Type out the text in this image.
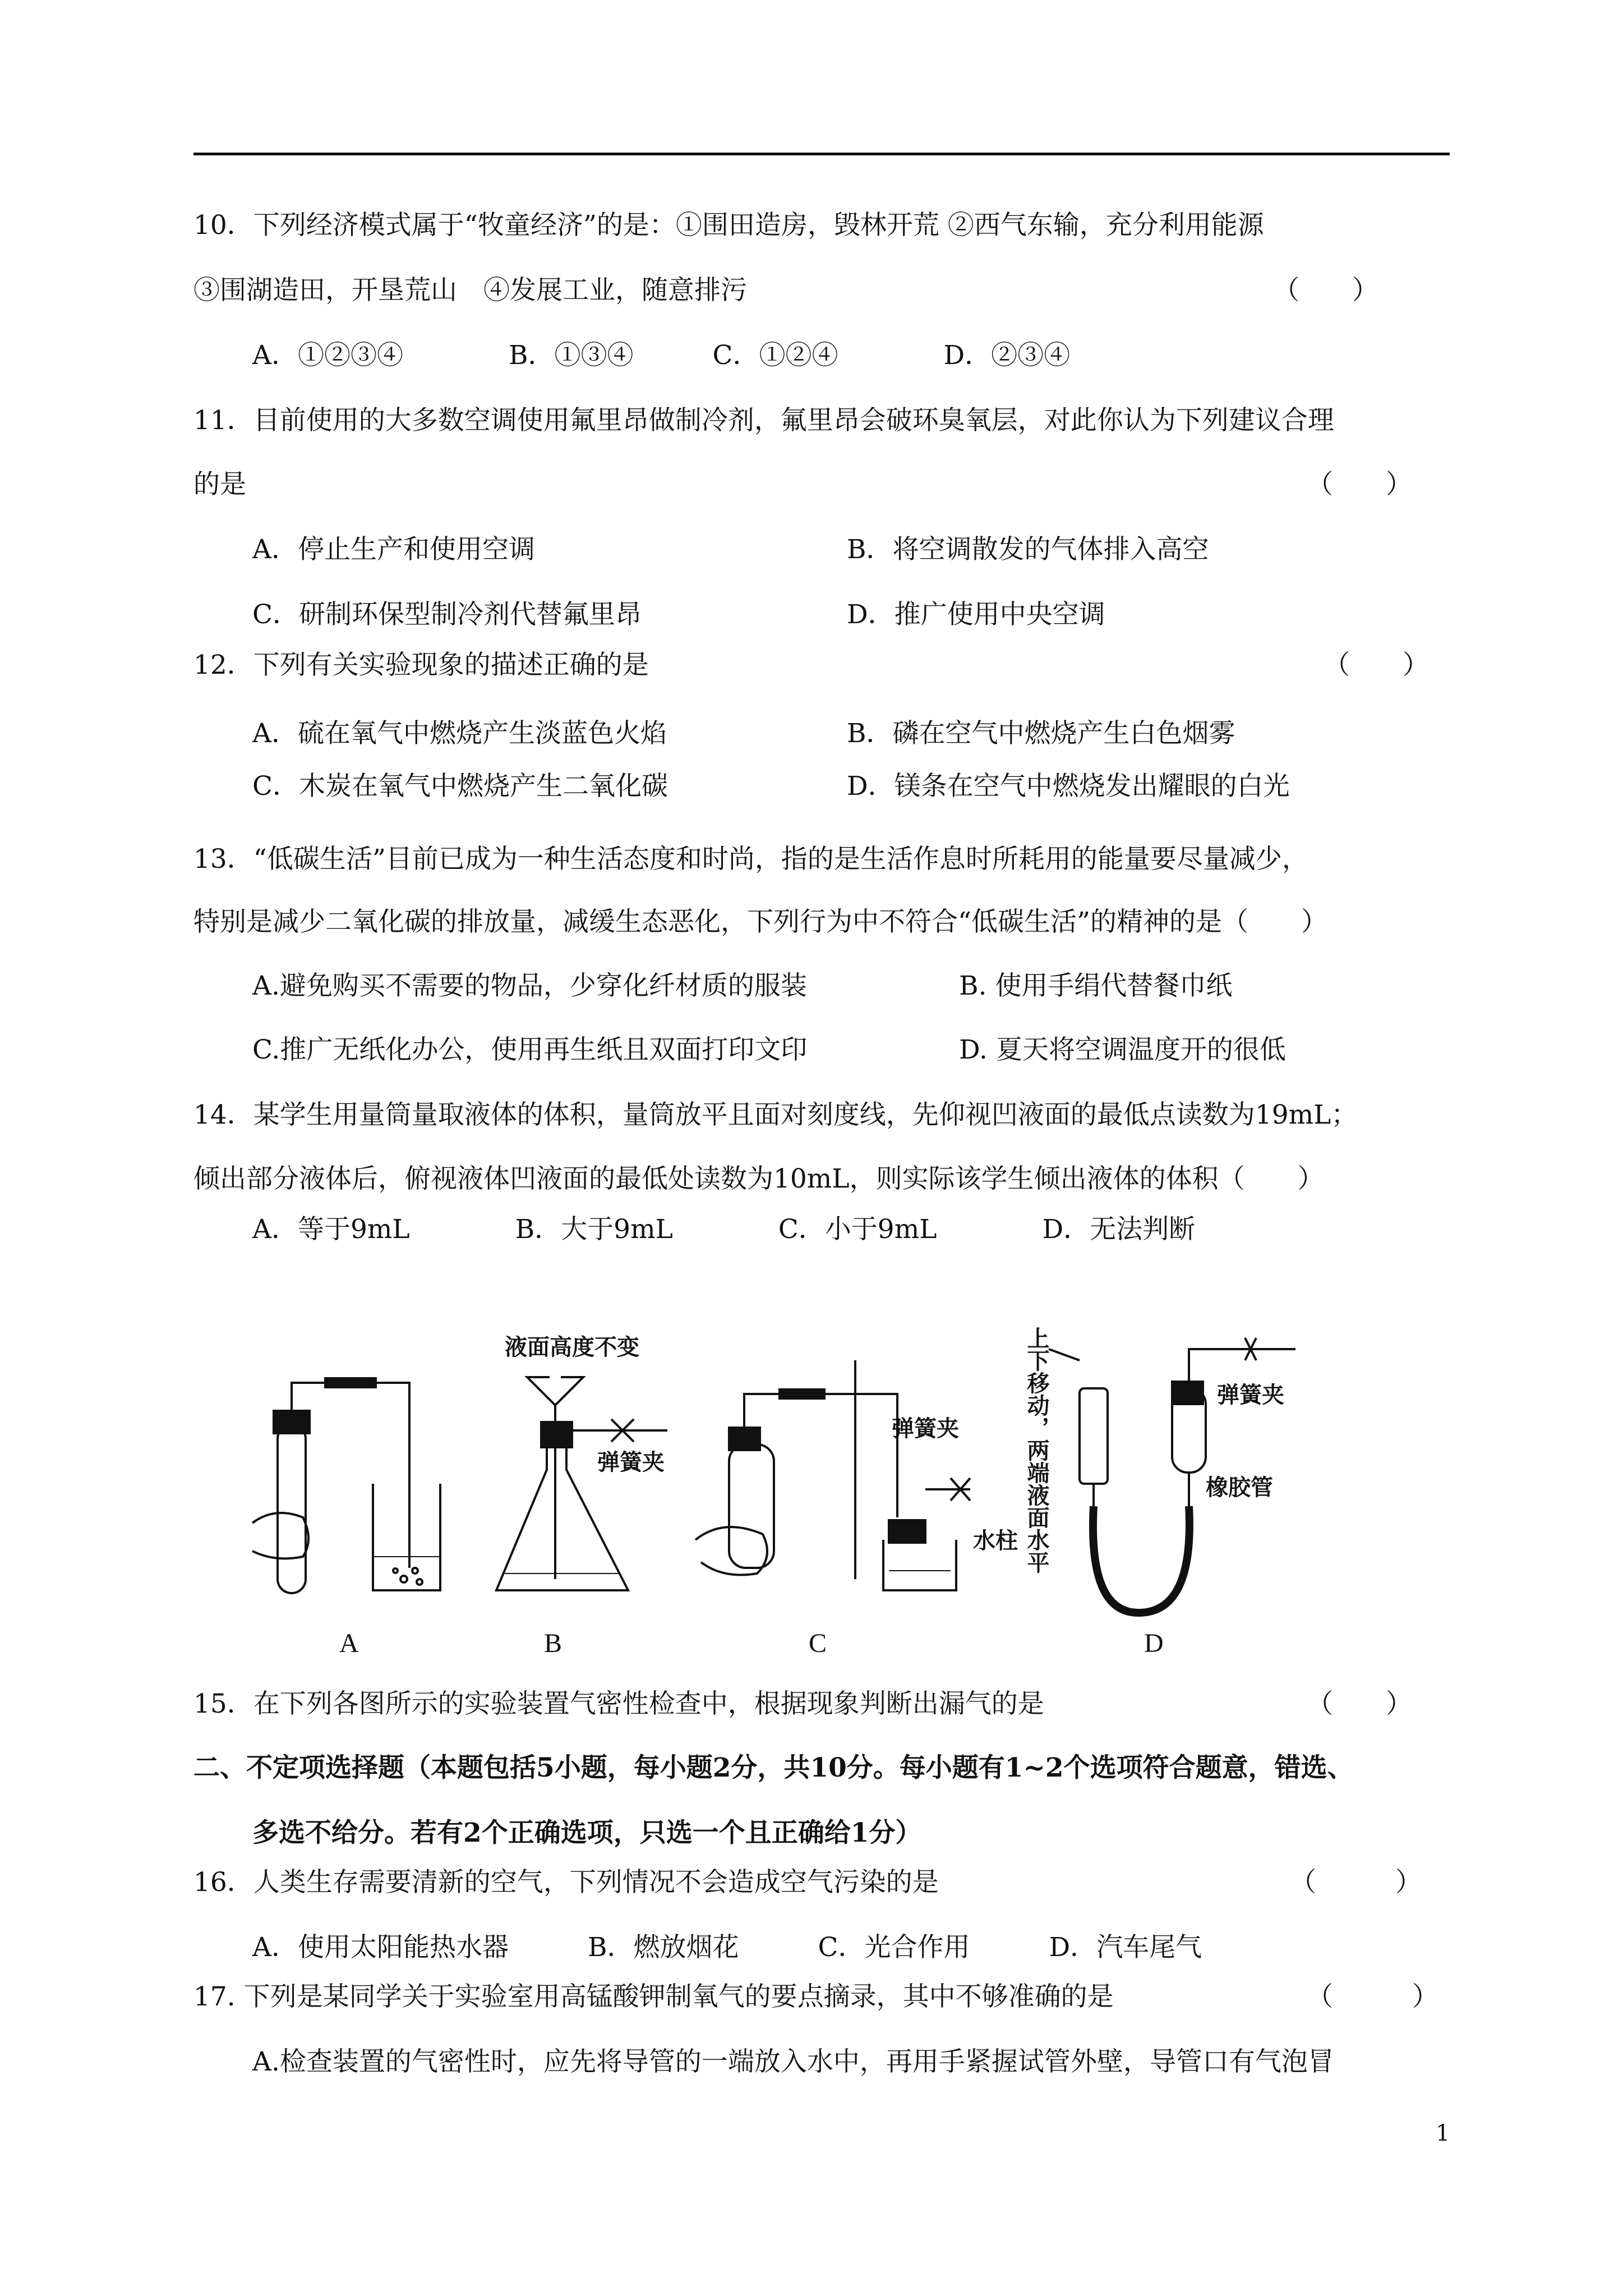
10．下列经济模式属于“牧童经济”的是：①围田造房，毁林开荒 ②西气东输，充分利用能源
③围湖造田，开垦荒山　④发展工业，随意排污	（　　）
A．①②③④　　　　B．①③④　　　C．①②④　　　　D．②③④
11．目前使用的大多数空调使用氟里昂做制冷剂，氟里昂会破环臭氧层，对此你认为下列建议合理
的是	（　　）
A．停止生产和使用空调	B．将空调散发的气体排入高空
C．研制环保型制冷剂代替氟里昂	D．推广使用中央空调
12．下列有关实验现象的描述正确的是	（　　）
A．硫在氧气中燃烧产生淡蓝色火焰	B．磷在空气中燃烧产生白色烟雾
C．木炭在氧气中燃烧产生二氧化碳	D．镁条在空气中燃烧发出耀眼的白光
13．“低碳生活”目前已成为一种生活态度和时尚，指的是生活作息时所耗用的能量要尽量减少，
特别是减少二氧化碳的排放量，减缓生态恶化，下列行为中不符合“低碳生活”的精神的是（　　）
A.避免购买不需要的物品，少穿化纤材质的服装	B. 使用手绢代替餐巾纸
C.推广无纸化办公，使用再生纸且双面打印文印	D. 夏天将空调温度开的很低
14．某学生用量筒量取液体的体积，量筒放平且面对刻度线，先仰视凹液面的最低点读数为19mL；
倾出部分液体后，俯视液体凹液面的最低处读数为10mL，则实际该学生倾出液体的体积（　　）
A．等于9mL　　　　B．大于9mL　　　　C．小于9mL　　　　D．无法判断
15．在下列各图所示的实验装置气密性检查中，根据现象判断出漏气的是	（　　）
二、不定项选择题（本题包括5小题，每小题2分，共10分。每小题有1~2个选项符合题意，错选、
多选不给分。若有2个正确选项，只选一个且正确给1分）
16．人类生存需要清新的空气，下列情况不会造成空气污染的是	（　　　）
A．使用太阳能热水器　　　B．燃放烟花　　　C．光合作用　　　D．汽车尾气
17. 下列是某同学关于实验室用高锰酸钾制氧气的要点摘录，其中不够准确的是	（　　　）
A.检查装置的气密性时，应先将导管的一端放入水中，再用手紧握试管外壁，导管口有气泡冒
液面高度不变
弹簧夹
弹簧夹
水柱
弹簧夹
橡胶管
上下移动，两端液面水平
A	B	C	D
1
